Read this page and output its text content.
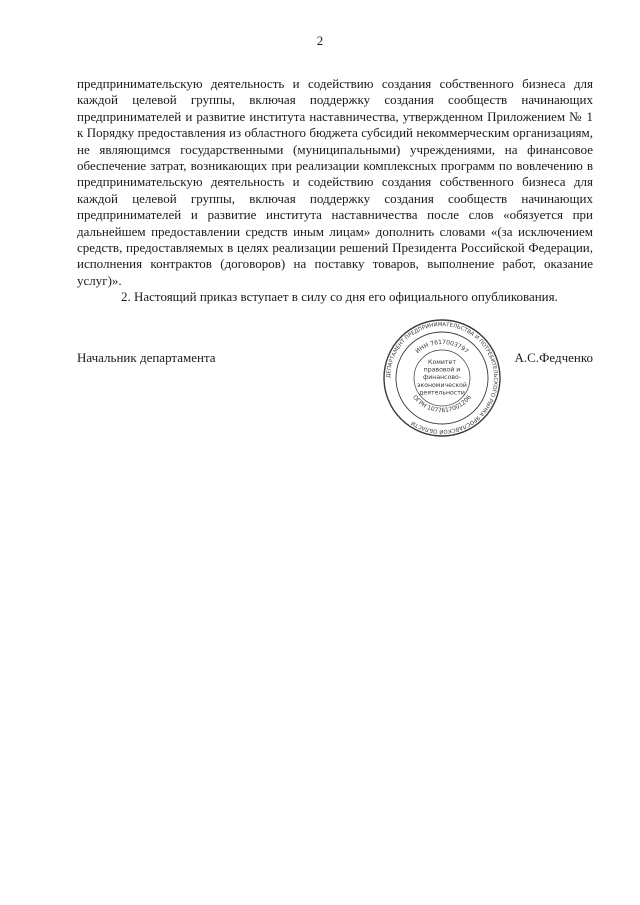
2

предпринимательскую деятельность и содействию создания собственного бизнеса для каждой целевой группы, включая поддержку создания сообществ начинающих предпринимателей и развитие института наставничества, утвержденном Приложением № 1 к Порядку предоставления из областного бюджета субсидий некоммерческим организациям, не являющимся государственными (муниципальными) учреждениями, на финансовое обеспечение затрат, возникающих при реализации комплексных программ по вовлечению в предпринимательскую деятельность и содействию создания собственного бизнеса для каждой целевой группы, включая поддержку создания сообществ начинающих предпринимателей и развитие института наставничества после слов «обязуется при дальнейшем предоставлении средств иным лицам» дополнить словами «(за исключением средств, предоставляемых в целях реализации решений Президента Российской Федерации, исполнения контрактов (договоров) на поставку товаров, выполнение работ, оказание услуг)».

2. Настоящий приказ вступает в силу со дня его официального опубликования.

Начальник департамента
ДЕПАРТАМЕНТ ПРЕДПРИНИМАТЕЛЬСТВА И ПОТРЕБИТЕЛЬСКОГО РЫНКА ЯРОСЛАВСКОЙ ОБЛАСТИ
ИНН 7617003797
ОГРН 1077617001206
Комитет
правовой и
финансово-
экономической
деятельности
А.С.Федченко
